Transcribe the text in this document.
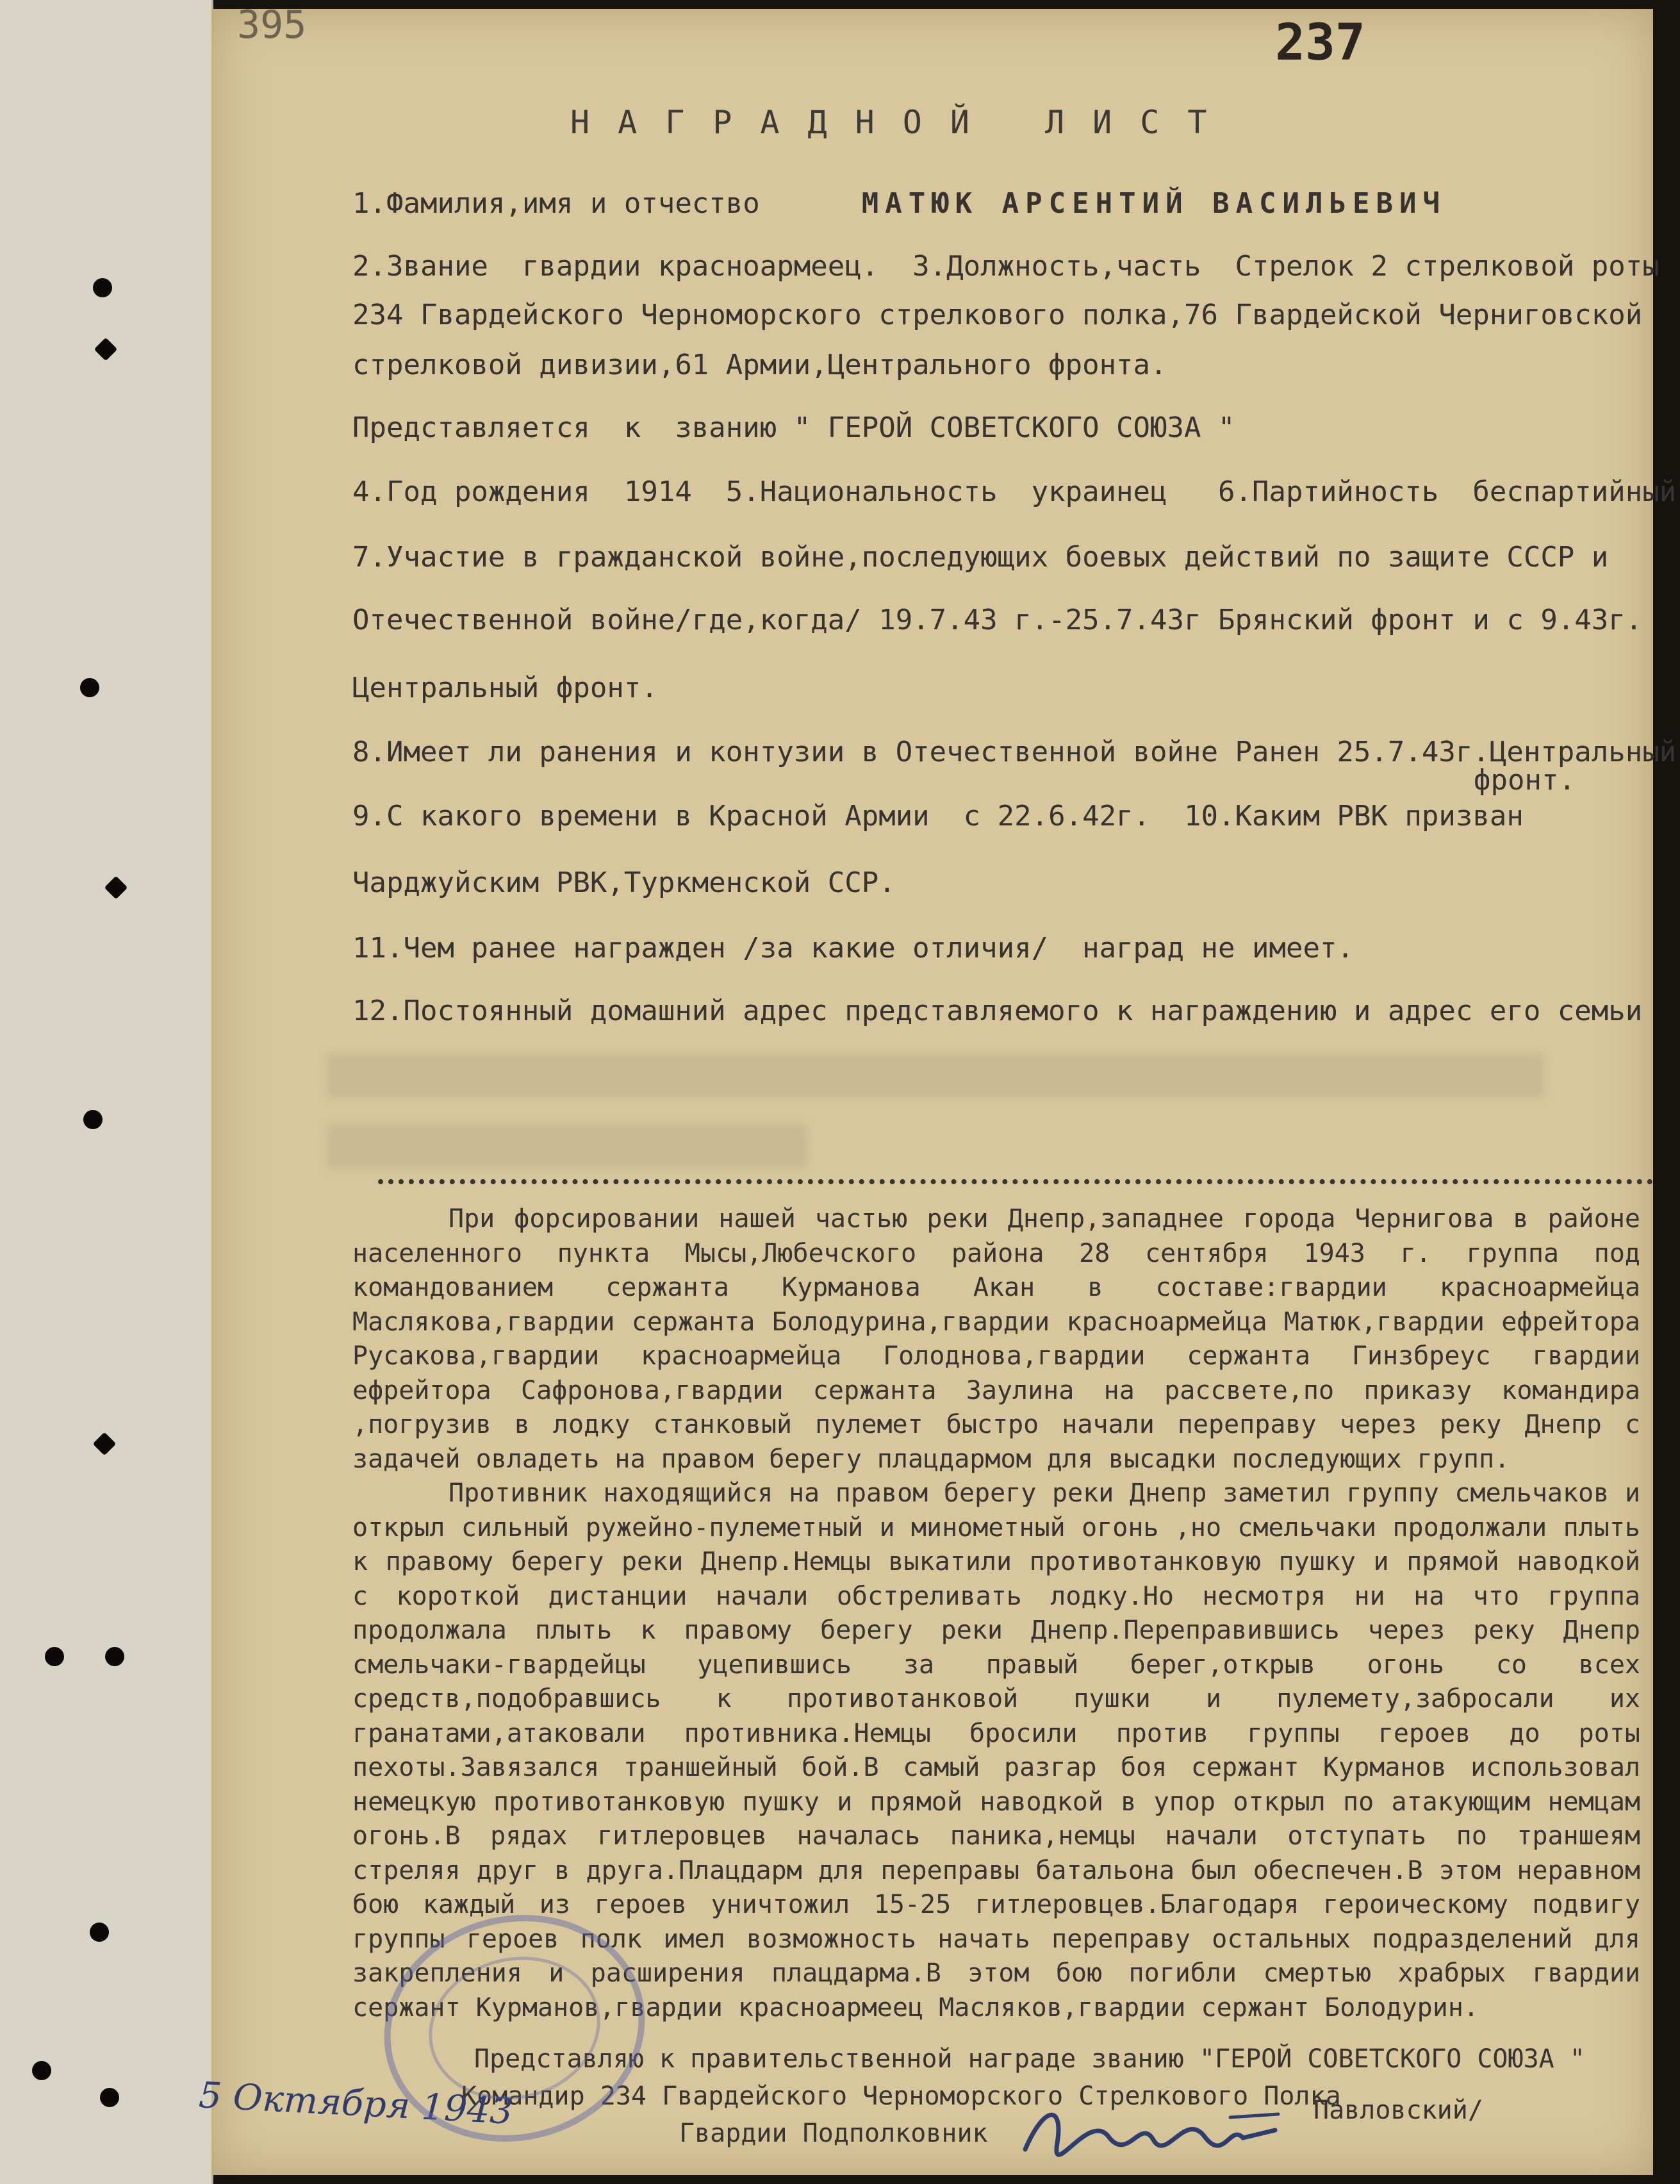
395	237
НАГРАДНОЙ ЛИСТ
1.Фамилия,имя и отчество	МАТЮК АРСЕНТИЙ ВАСИЛЬЕВИЧ
2.Звание  гвардии красноармеец.  3.Должность,часть  Стрелок 2 стрелковой роты
234 Гвардейского Черноморского стрелкового полка,76 Гвардейской Черниговской
стрелковой дивизии,61 Армии,Центрального фронта.
Представляется  к  званию " ГЕРОЙ СОВЕТСКОГО СОЮЗА "
4.Год рождения  1914  5.Национальность  украинец   6.Партийность  беспартийный
7.Участие в гражданской войне,последующих боевых действий по защите СССР и
Отечественной войне/где,когда/ 19.7.43 г.-25.7.43г Брянский фронт и с 9.43г.
Центральный фронт.
8.Имеет ли ранения и контузии в Отечественной войне Ранен 25.7.43г.Центральный
фронт.
9.С какого времени в Красной Армии  с 22.6.42г.  10.Каким РВК призван
Чарджуйским РВК,Туркменской ССР.
11.Чем ранее награжден /за какие отличия/  наград не имеет.
12.Постоянный домашний адрес представляемого к награждению и адрес его семьи

При форсировании нашей частью реки Днепр,западнее города Чернигова в районе населенного пункта Мысы,Любечского района 28 сентября 1943 г. группа под командованием сержанта Курманова Акан в составе:гвардии красноармейца Маслякова,гвардии сержанта Болодурина,гвардии красноармейца Матюк,гвардии ефрейтора Русакова,гвардии красноармейца Голоднова,гвардии сержанта Гинзбреус гвардии ефрейтора Сафронова,гвардии сержанта Заулина на рассвете,по приказу командира ,погрузив в лодку станковый пулемет быстро начали переправу через реку Днепр с задачей овладеть на правом берегу плацдармом для высадки последующих групп.

Противник находящийся на правом берегу реки Днепр заметил группу смельчаков и открыл сильный ружейно-пулеметный и минометный огонь ,но смельчаки продолжали плыть к правому берегу реки Днепр.Немцы выкатили противотанковую пушку и прямой наводкой с короткой дистанции начали обстреливать лодку.Но несмотря ни на что группа продолжала плыть к правому берегу реки Днепр.Переправившись через реку Днепр смельчаки-гвардейцы уцепившись за правый берег,открыв огонь со всех средств,подобравшись к противотанковой пушки и пулемету,забросали их гранатами,атаковали противника.Немцы бросили против группы героев до роты пехоты.Завязался траншейный бой.В самый разгар боя сержант Курманов использовал немецкую противотанковую пушку и прямой наводкой в упор открыл по атакующим немцам огонь.В рядах гитлеровцев началась паника,немцы начали отступать по траншеям стреляя друг в друга.Плацдарм для переправы батальона был обеспечен.В этом неравном бою каждый из героев уничтожил 15-25 гитлеровцев.Благодаря героическому подвигу группы героев полк имел возможность начать переправу остальных подразделений для закрепления и расширения плацдарма.В этом бою погибли смертью храбрых гвардии сержант Курманов,гвардии красноармеец Масляков,гвардии сержант Болодурин.

Представляю к правительственной награде званию "ГЕРОЙ СОВЕТСКОГО СОЮЗА "
Командир 234 Гвардейского Черноморского Стрелкового Полка
Гвардии Подполковник
Павловский/
5 Октября 1943
